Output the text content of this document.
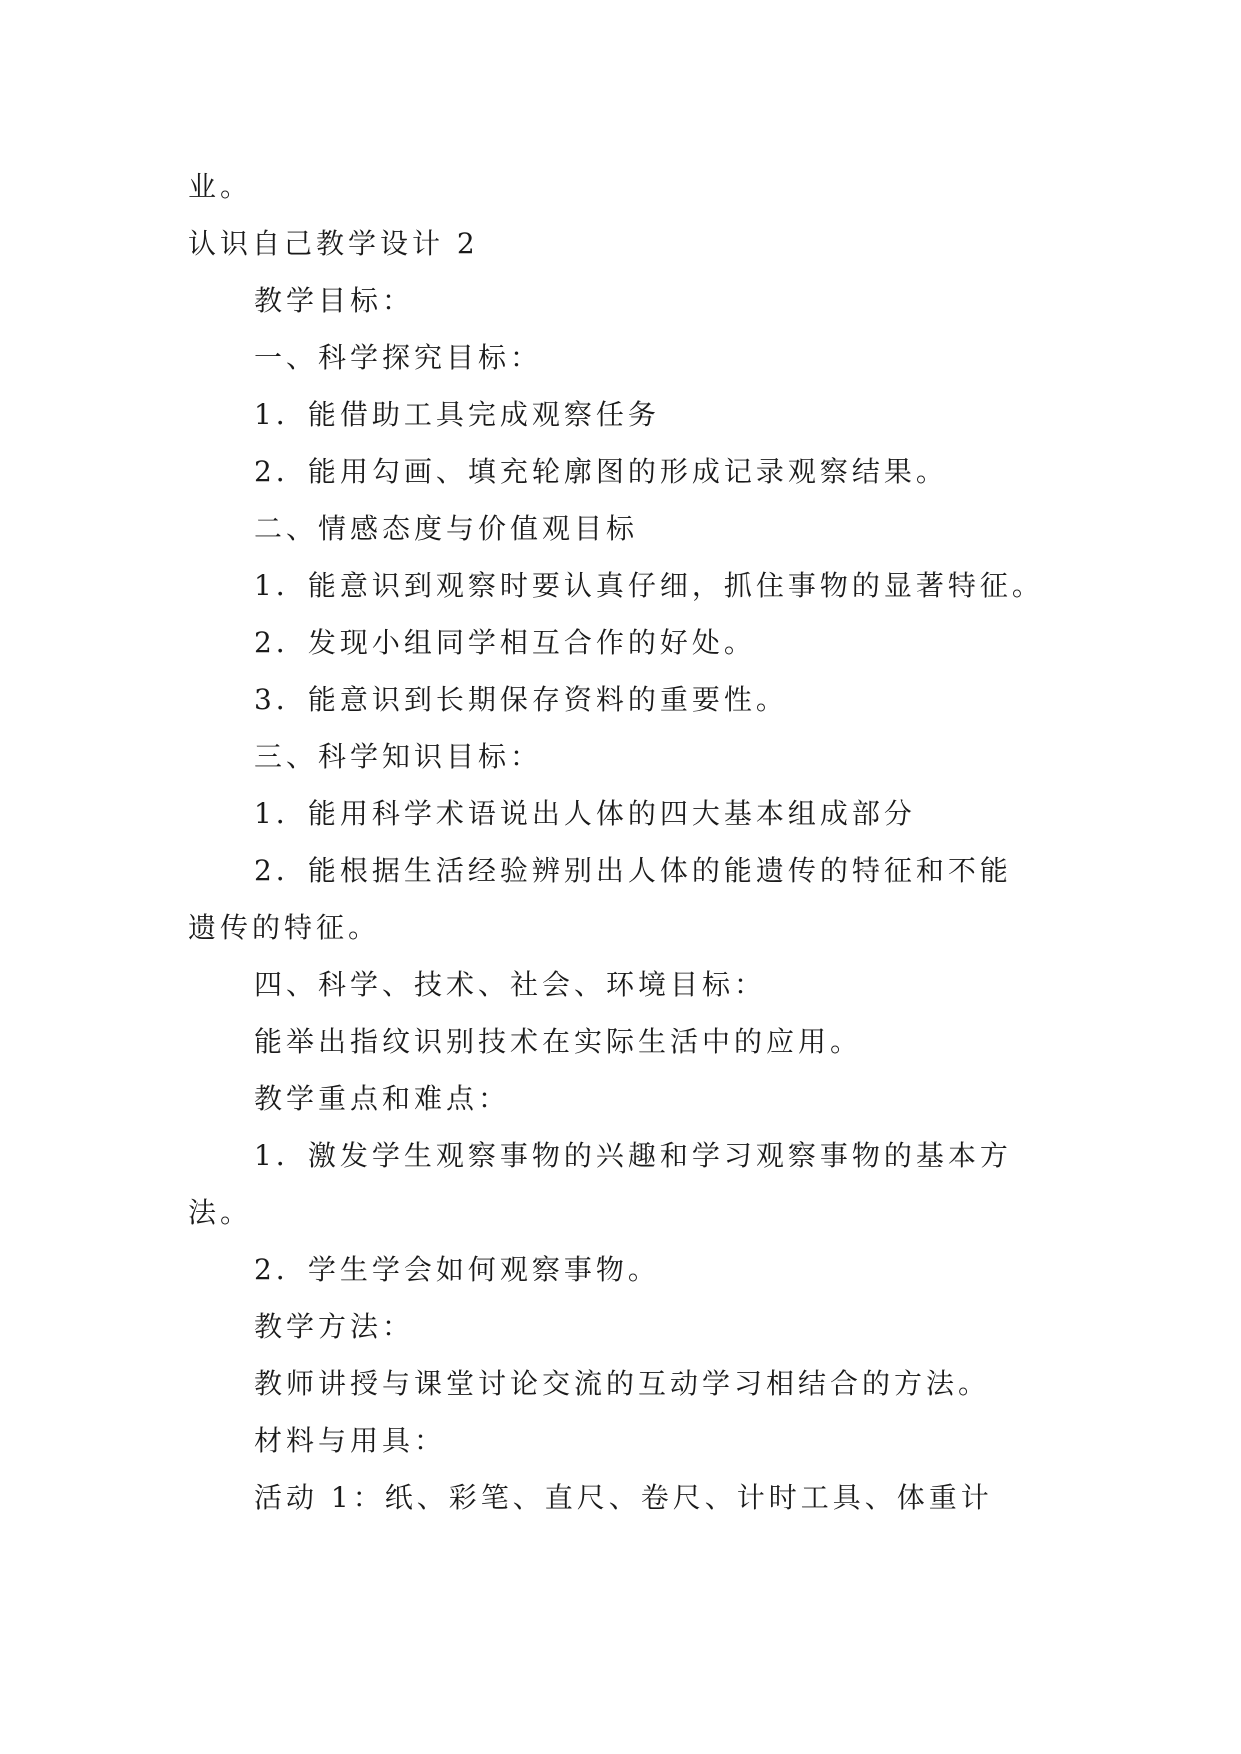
业。
认识自己教学设计 2
教学目标：
一、科学探究目标：
1．能借助工具完成观察任务
2．能用勾画、填充轮廓图的形成记录观察结果。
二、情感态度与价值观目标
1．能意识到观察时要认真仔细，抓住事物的显著特征。
2．发现小组同学相互合作的好处。
3．能意识到长期保存资料的重要性。
三、科学知识目标：
1．能用科学术语说出人体的四大基本组成部分
2．能根据生活经验辨别出人体的能遗传的特征和不能
遗传的特征。
四、科学、技术、社会、环境目标：
能举出指纹识别技术在实际生活中的应用。
教学重点和难点：
1．激发学生观察事物的兴趣和学习观察事物的基本方
法。
2．学生学会如何观察事物。
教学方法：
教师讲授与课堂讨论交流的互动学习相结合的方法。
材料与用具：
活动 1：纸、彩笔、直尺、卷尺、计时工具、体重计
